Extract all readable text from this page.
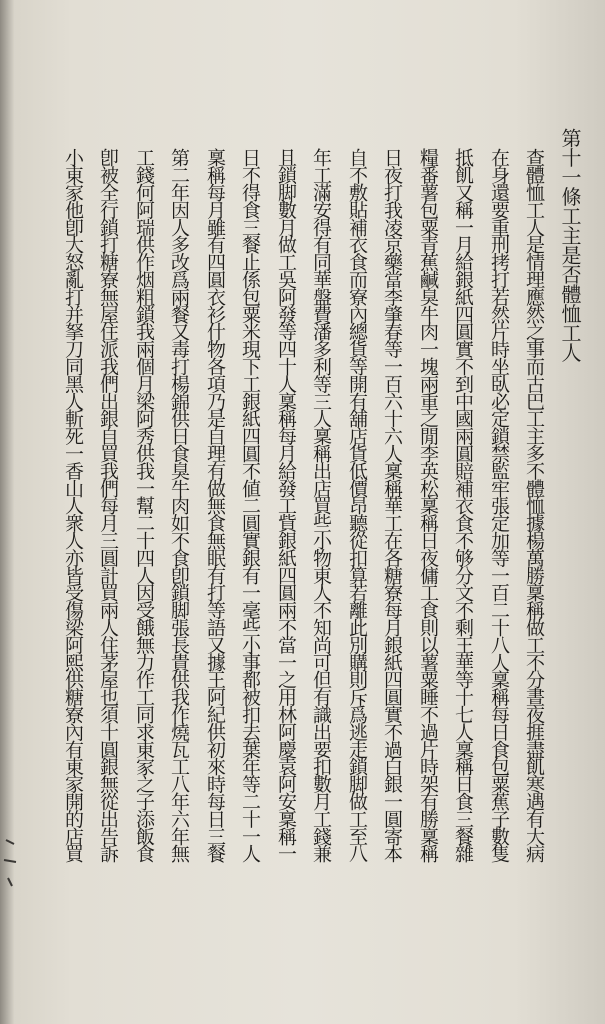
第十一條工主是否體恤工人
查體恤工人是情理應然之事而古巴工主多不體恤據楊萬勝稟稱做工不分晝夜捱盡飢寒遇有大病
在身還要重刑拷打若然片時坐臥必定鎖禁監牢張定加等一百二十八人稟稱每日食包粟蕉子數隻
抵飢又稱一月給銀紙四圓實不到中國兩圓賠補衣食不够分文不剩王華等十七人稟稱日食三餐雜
糧番薯包粟青蕉鹹臭牛肉一塊兩重之閒李英松稟稱日夜傭工食則以薯粟睡不過片時架有勝稟稱
日夜打我凌京藥當李肇春等一百六十六人稟稱華工在各糖寮每月銀紙四圓實不過白銀一圓寄本
自不敷貼補衣食而寮內總貨等開有舖店貨低價昂聽從扣算若離此別購則斥爲逃走鎖脚做工至八
年工滿安得有同華盤費潘多利等三人稟稱出店買些小物東人不知尚可但有識出要扣數月工錢兼
且鎖脚數月做工吳阿發等四十人稟稱每月給發工貲銀紙四圓兩不當一之用林阿慶袁阿安稟稱一
日不得食三餐止係包粟米現下工銀紙四圓不値二圓實銀有一毫些小事都被扣去葉年等二十一人
稟稱每月雖有四圓衣衫什物各項乃是自理有做無食無眠有打等語又據王阿紀供初來時每日三餐
第二年因人多改爲兩餐又毒打楊錦供日食臭牛肉如不食卽鎖脚張長貴供我作燒瓦工八年六年無
工錢何阿瑞供作烟粗鎖我兩個月梁阿秀供我一幫二十四人因受餓無力作工同求東家之子添飯食
卽被全行鎖打糖寮無屋住派我們出銀自買我們每月三圓計買兩人住茅屋也須十圓銀無從出告訴
小東家他卽大怒亂打并拏刀同黑人斬死一香山人衆人亦皆受傷梁阿熙供糖寮內有東家開的店買
